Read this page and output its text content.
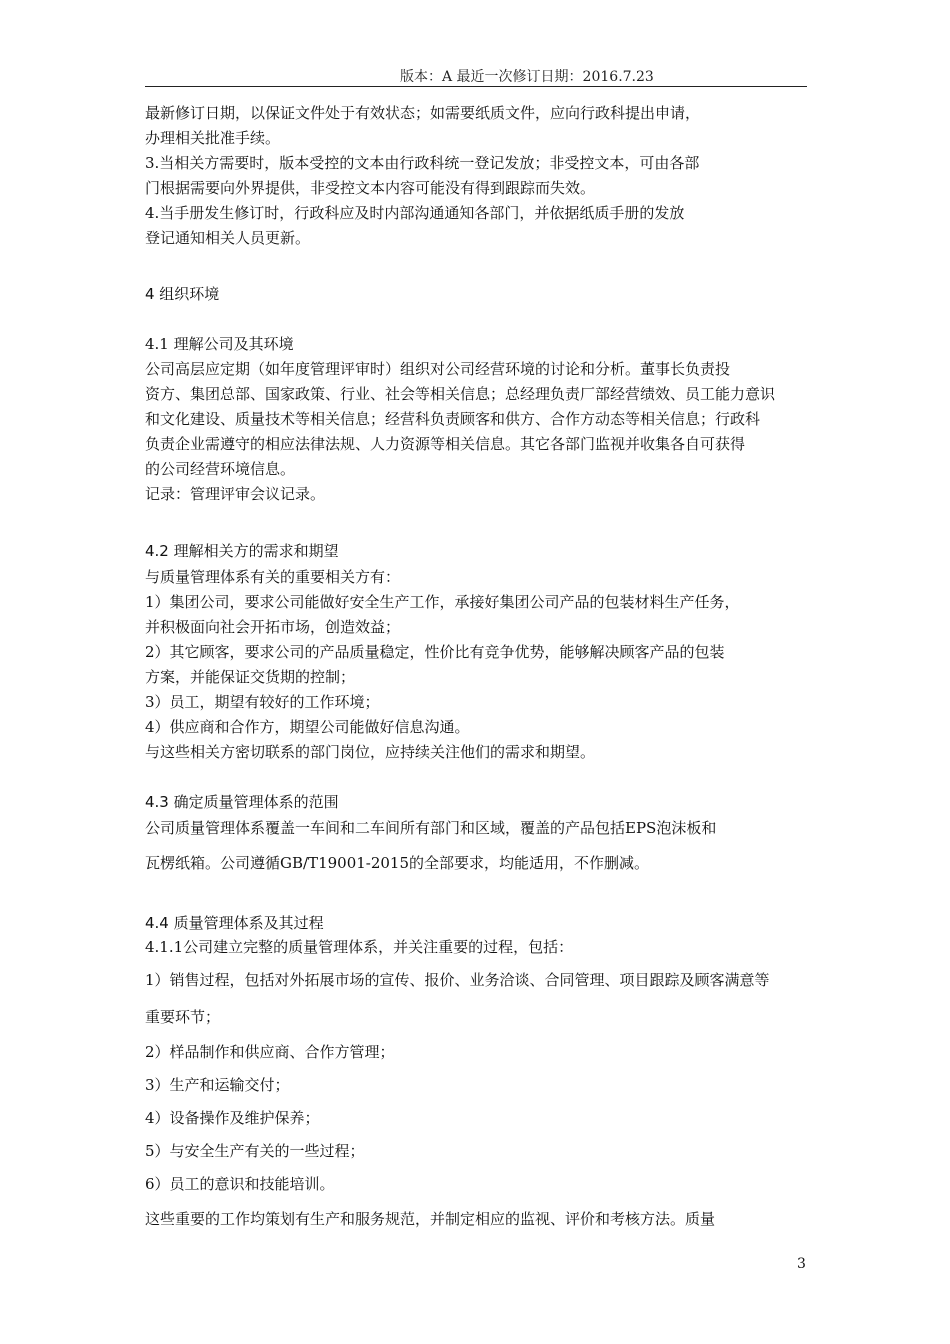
版本：A 最近一次修订日期：2016.7.23
最新修订日期，以保证文件处于有效状态；如需要纸质文件，应向行政科提出申请，
办理相关批准手续。
3.当相关方需要时，版本受控的文本由行政科统一登记发放；非受控文本，可由各部
门根据需要向外界提供，非受控文本内容可能没有得到跟踪而失效。
4.当手册发生修订时，行政科应及时内部沟通通知各部门，并依据纸质手册的发放
登记通知相关人员更新。
4 组织环境
4.1 理解公司及其环境
公司高层应定期（如年度管理评审时）组织对公司经营环境的讨论和分析。董事长负责投
资方、集团总部、国家政策、行业、社会等相关信息；总经理负责厂部经营绩效、员工能力意识
和文化建设、质量技术等相关信息；经营科负责顾客和供方、合作方动态等相关信息；行政科
负责企业需遵守的相应法律法规、人力资源等相关信息。其它各部门监视并收集各自可获得
的公司经营环境信息。
记录：管理评审会议记录。
4.2 理解相关方的需求和期望
与质量管理体系有关的重要相关方有：
1）集团公司，要求公司能做好安全生产工作，承接好集团公司产品的包装材料生产任务，
并积极面向社会开拓市场，创造效益；
2）其它顾客，要求公司的产品质量稳定，性价比有竞争优势，能够解决顾客产品的包装
方案，并能保证交货期的控制；
3）员工，期望有较好的工作环境；
4）供应商和合作方，期望公司能做好信息沟通。
与这些相关方密切联系的部门岗位，应持续关注他们的需求和期望。
4.3 确定质量管理体系的范围
公司质量管理体系覆盖一车间和二车间所有部门和区域，覆盖的产品包括EPS泡沫板和
瓦楞纸箱。公司遵循GB/T19001-2015的全部要求，均能适用，不作删减。
4.4 质量管理体系及其过程
4.1.1公司建立完整的质量管理体系，并关注重要的过程，包括：
1）销售过程，包括对外拓展市场的宣传、报价、业务洽谈、合同管理、项目跟踪及顾客满意等
重要环节；
2）样品制作和供应商、合作方管理；
3）生产和运输交付；
4）设备操作及维护保养；
5）与安全生产有关的一些过程；
6）员工的意识和技能培训。
这些重要的工作均策划有生产和服务规范，并制定相应的监视、评价和考核方法。质量
3
